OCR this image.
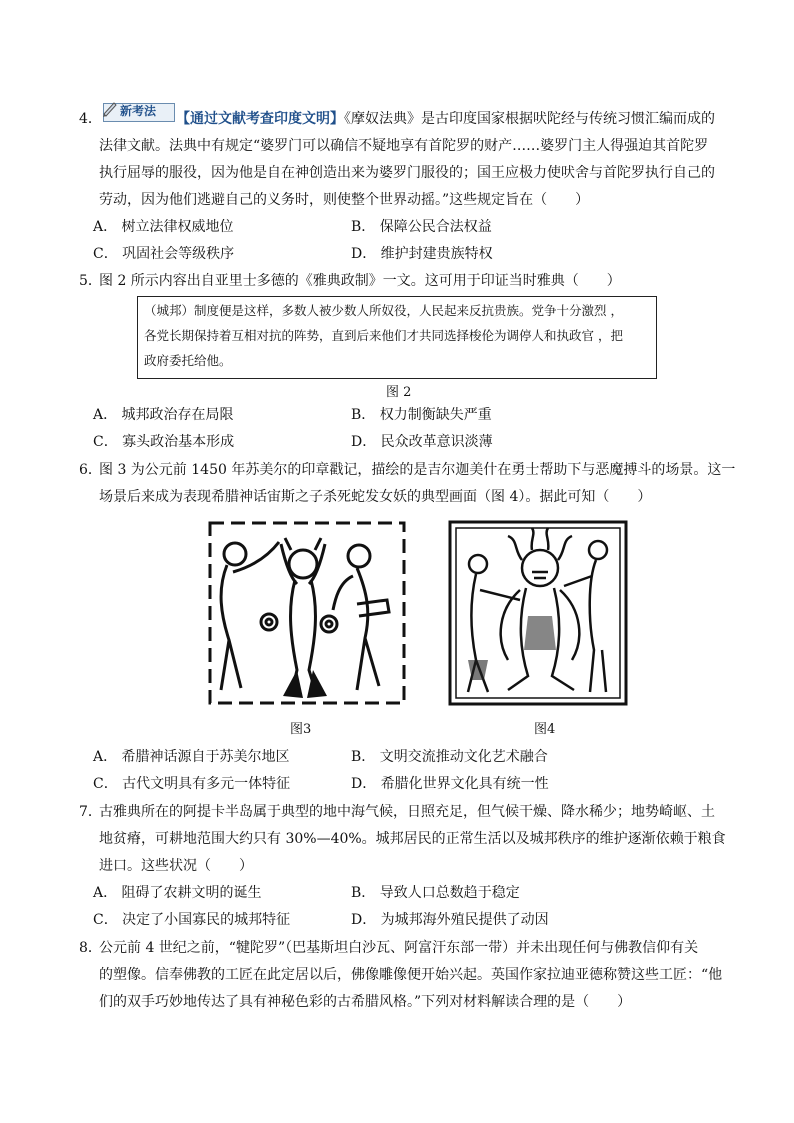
4． 新考法 【通过文献考查印度文明】《摩奴法典》是古印度国家根据吠陀经与传统习惯汇编而成的
法律文献。法典中有规定“婆罗门可以确信不疑地享有首陀罗的财产……婆罗门主人得强迫其首陀罗
执行屈辱的服役，因为他是自在神创造出来为婆罗门服役的；国王应极力使吠舍与首陀罗执行自己的
劳动，因为他们逃避自己的义务时，则使整个世界动摇。”这些规定旨在（　　）
A． 树立法律权威地位	B． 保障公民合法权益
C． 巩固社会等级秩序	D． 维护封建贵族特权
5．
图 2 所示内容出自亚里士多德的《雅典政制》一文。这可用于印证当时雅典（　　）
（城邦）制度便是这样，多数人被少数人所奴役，人民起来反抗贵族。党争十分激烈 ，
各党长期保持着互相对抗的阵势，直到后来他们才共同选择梭伦为调停人和执政官 ，把
政府委托给他。
图 2
A． 城邦政治存在局限	B． 权力制衡缺失严重
C． 寡头政治基本形成	D． 民众改革意识淡薄
6．
图 3 为公元前 1450 年苏美尔的印章戳记，描绘的是吉尔迦美什在勇士帮助下与恶魔搏斗的场景。这一
场景后来成为表现希腊神话宙斯之子杀死蛇发女妖的典型画面（图 4）。据此可知（　　）
图3	图4
A． 希腊神话源自于苏美尔地区	B． 文明交流推动文化艺术融合
C． 古代文明具有多元一体特征	D． 希腊化世界文化具有统一性
7．
古雅典所在的阿提卡半岛属于典型的地中海气候，日照充足，但气候干燥、降水稀少；地势崎岖、土
地贫瘠，可耕地范围大约只有 30%—40%。城邦居民的正常生活以及城邦秩序的维护逐渐依赖于粮食
进口。这些状况（　　）
A． 阻碍了农耕文明的诞生	B． 导致人口总数趋于稳定
C． 决定了小国寡民的城邦特征	D． 为城邦海外殖民提供了动因
8．
公元前 4 世纪之前，“犍陀罗”（巴基斯坦白沙瓦、阿富汗东部一带）并未出现任何与佛教信仰有关
的塑像。信奉佛教的工匠在此定居以后，佛像雕像便开始兴起。英国作家拉迪亚德称赞这些工匠：“他
们的双手巧妙地传达了具有神秘色彩的古希腊风格。”下列对材料解读合理的是（　　）
